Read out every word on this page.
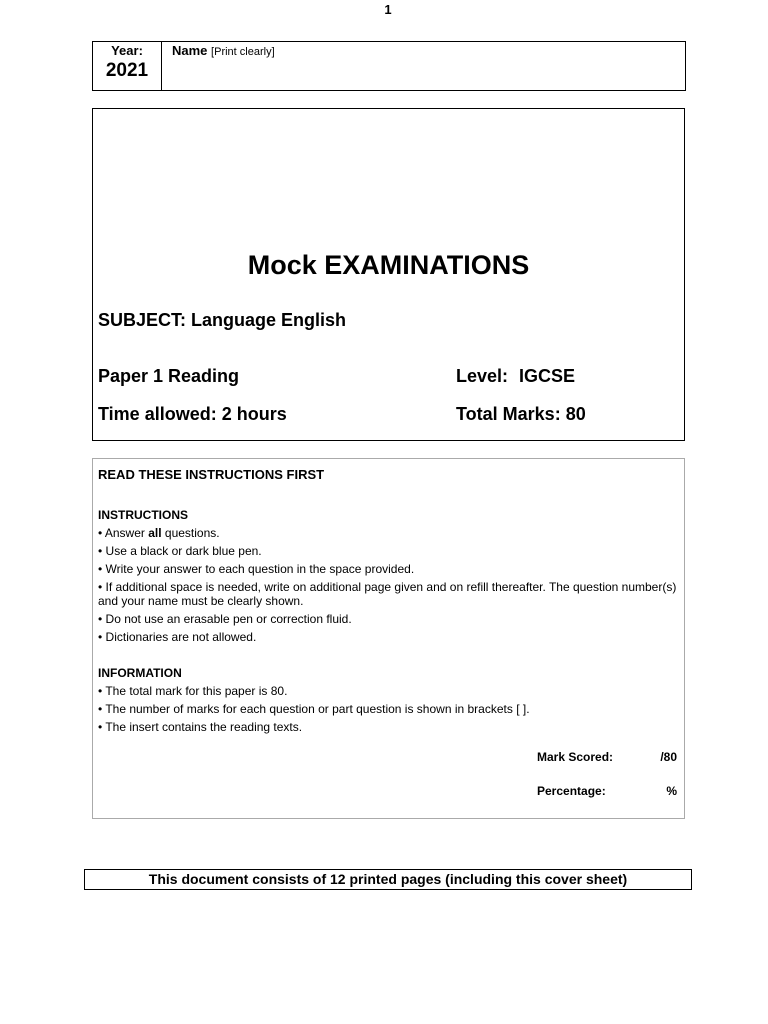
1
Year:
2021
Name [Print clearly]
Mock EXAMINATIONS
SUBJECT: Language English
Paper 1 Reading	Level: IGCSE
Time allowed: 2 hours	Total Marks: 80
READ THESE INSTRUCTIONS FIRST
INSTRUCTIONS
• Answer all questions.
• Use a black or dark blue pen.
• Write your answer to each question in the space provided.
• If additional space is needed, write on additional page given and on refill thereafter. The question number(s) and your name must be clearly shown.
• Do not use an erasable pen or correction fluid.
• Dictionaries are not allowed.
INFORMATION
• The total mark for this paper is 80.
• The number of marks for each question or part question is shown in brackets [ ].
• The insert contains the reading texts.
Mark Scored:	/80
Percentage:	%
This document consists of 12 printed pages (including this cover sheet)
